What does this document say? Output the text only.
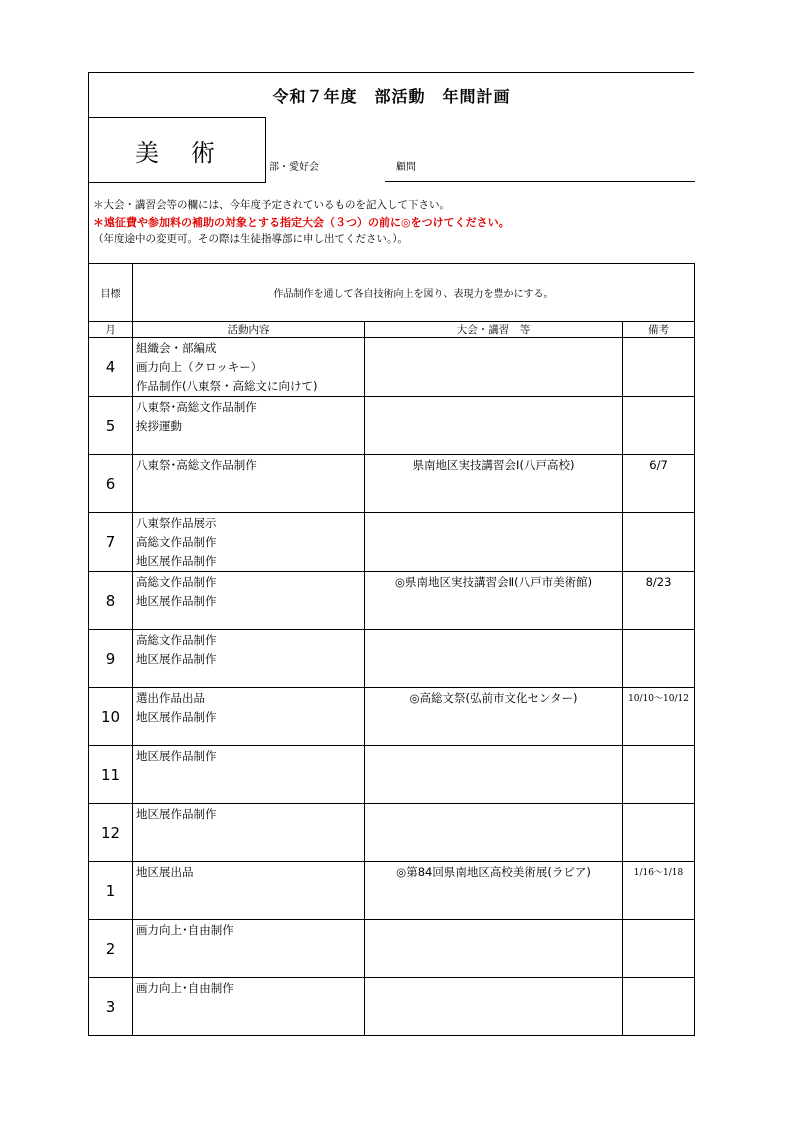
令和７年度　部活動　年間計画
美　術
部・愛好会	顧問
＊大会・講習会等の欄には、今年度予定されているものを記入して下さい。
＊遠征費や参加料の補助の対象とする指定大会（３つ）の前に◎をつけてください。
（年度途中の変更可。その際は生徒指導部に申し出てください。）。
目標	作品制作を通して各自技術向上を図り、表現力を豊かにする。		
月	活動内容	大会・講習　等	備考
4	組織会・部編成
画力向上（クロッキー）
作品制作(八東祭・高総文に向けて)		

5	八東祭･高総文作品制作
挨拶運動		

6	八東祭･高総文作品制作	県南地区実技講習会Ⅰ(八戸高校)	6/7
7	八東祭作品展示
高総文作品制作
地区展作品制作		

8	高総文作品制作
地区展作品制作	◎県南地区実技講習会Ⅱ(八戸市美術館)	8/23
9	高総文作品制作
地区展作品制作		

10	選出作品出品
地区展作品制作	◎高総文祭(弘前市文化センター)	10/10～10/12
11	地区展作品制作		

12	地区展作品制作		

1	地区展出品	◎第84回県南地区高校美術展(ラピア)	1/16～1/18
2	画力向上･自由制作		

3	画力向上･自由制作		
